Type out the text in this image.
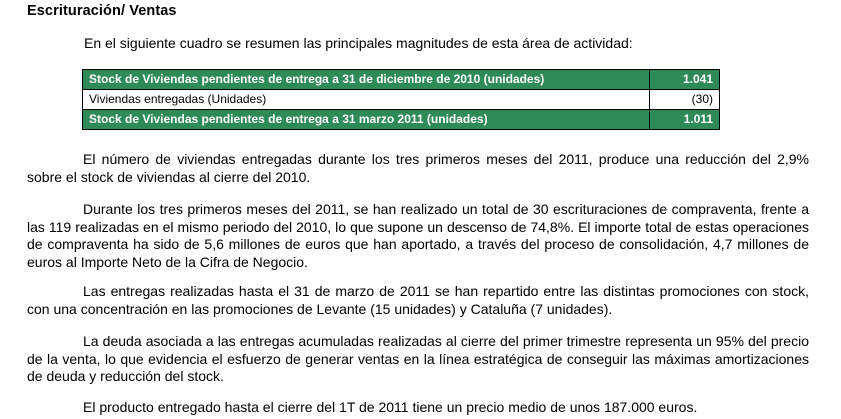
Escrituración/ Ventas
En el siguiente cuadro se resumen las principales magnitudes de esta área de actividad:
Stock de Viviendas pendientes de entrega a 31 de diciembre de 2010 (unidades)	1.041
Viviendas entregadas (Unidades)	(30)
Stock de Viviendas pendientes de entrega a 31 marzo 2011 (unidades)	1.011

El número de viviendas entregadas durante los tres primeros meses del 2011, produce una reducción del 2,9% sobre el stock de viviendas al cierre del 2010.

Durante los tres primeros meses del 2011, se han realizado un total de 30 escrituraciones de compraventa, frente a las 119 realizadas en el mismo periodo del 2010, lo que supone un descenso de 74,8%. El importe total de estas operaciones de compraventa ha sido de 5,6 millones de euros que han aportado, a través del proceso de consolidación, 4,7 millones de euros al Importe Neto de la Cifra de Negocio.

Las entregas realizadas hasta el 31 de marzo de 2011 se han repartido entre las distintas promociones con stock, con una concentración en las promociones de Levante (15 unidades) y Cataluña (7 unidades).

La deuda asociada a las entregas acumuladas realizadas al cierre del primer trimestre representa un 95% del precio de la venta, lo que evidencia el esfuerzo de generar ventas en la línea estratégica de conseguir las máximas amortizaciones de deuda y reducción del stock.

El producto entregado hasta el cierre del 1T de 2011 tiene un precio medio de unos 187.000 euros.
